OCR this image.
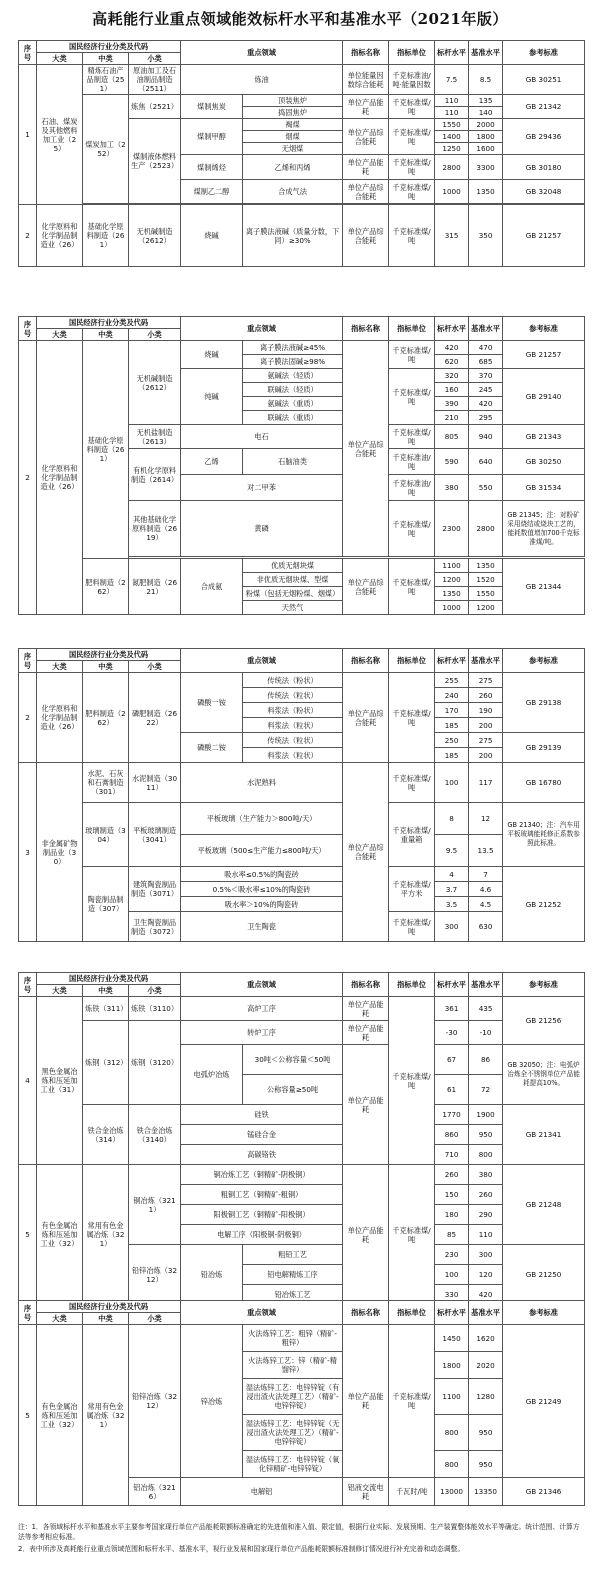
高耗能行业重点领域能效标杆水平和基准水平（2021年版）
序号	国民经济行业分类及代码			重点领域		指标名称	指标单位	标杆水平	基准水平	参考标准
	大类	中类	小类							
1	石油、煤炭及其他燃料加工业（25）	精炼石油产品制造（251）	原油加工及石油制品制造（2511）	炼油		单位能量因数综合能耗	千克标准油/吨·能量因数	7.5	8.5	GB 30251
		煤炭加工（252）	炼焦（2521）	煤制焦炭	顶装焦炉	单位产品能耗	千克标准煤/吨	110	135	GB 21342
					捣固焦炉			110	140	
			煤制液体燃料生产（2523）	煤制甲醇	褐煤	单位产品综合能耗	千克标准煤/吨	1550	2000	GB 29436
					烟煤			1400	1800	
					无烟煤			1250	1600	
				煤制烯烃	乙烯和丙烯	单位产品能耗	千克标准煤/吨	2800	3300	GB 30180

				煤制乙二醇	合成气法	单位产品综合能耗	千克标准煤/吨	1000	1350	GB 32048

2	化学原料和化学制品制造业（26）	基础化学原料制造（261）	无机碱制造（2612）	烧碱	离子膜法液碱（质量分数，下同）≥30%	单位产品综合能耗	千克标准煤/吨	315	350	GB 21257
序号	国民经济行业分类及代码			重点领域		指标名称	指标单位	标杆水平	基准水平	参考标准
	大类	中类	小类							
2	化学原料和化学制品制造业（26）	基础化学原料制造（261）	无机碱制造（2612）	烧碱	离子膜法液碱≥45%	单位产品综合能耗	千克标准煤/吨	420	470	GB 21257
					离子膜法固碱≥98%			620	685	
				纯碱	氨碱法（轻质）		千克标准煤/吨	320	370	GB 29140
					联碱法（轻质）			160	245	
					氨碱法（重质）			390	420	
					联碱法（重质）			210	295	
			无机盐制造（2613）	电石			千克标准煤/吨	805	940	GB 21343
			有机化学原料制造（2614）	乙烯	石脑油类		千克标准油/吨	590	640	GB 30250
				对二甲苯			千克标准油/吨	380	550	GB 31534
			其他基础化学原料制造（2619）	黄磷			千克标准煤/吨	2300	2800	GB 21345；注：对粉矿采用烧结或烧块工艺的，能耗数值增加700千克标准煤/吨。

		肥料制造（262）	氮肥制造（2621）	合成氨	优质无烟块煤	单位产品综合能耗	千克标准煤/吨	1100	1350	GB 21344
					非优质无烟块煤、型煤			1200	1520	
					粉煤（包括无烟粉煤、烟煤）			1350	1550	
					天然气			1000	1200	
序号	国民经济行业分类及代码			重点领域		指标名称	指标单位	标杆水平	基准水平	参考标准
	大类	中类	小类							
2	化学原料和化学制品制造业（26）	肥料制造（262）	磷肥制造（2622）	磷酸一铵	传统法（粉状）	单位产品综合能耗	千克标准煤/吨	255	275	GB 29138
					传统法（粒状）			240	260	
					料浆法（粉状）			170	190	
					料浆法（粒状）			185	200	
				磷酸二铵	传统法（粒状）			250	275	GB 29139
					料浆法（粒状）			185	200	
3	非金属矿物制品业（30）	水泥、石灰和石膏制造（301）	水泥制造（3011）	水泥熟料		单位产品综合能耗	千克标准煤/吨	100	117	GB 16780
		玻璃制造（304）	平板玻璃制造（3041）	平板玻璃（生产能力＞800吨/天）			千克标准煤/重量箱	8	12	GB 21340；注：汽车用平板玻璃能耗修正系数参照此标准。
				平板玻璃（500≤生产能力≤800吨/天）				9.5	13.5	
		陶瓷制品制造（307）	建筑陶瓷制品制造（3071）	吸水率≤0.5%的陶瓷砖			千克标准煤/平方米	4	7	GB 21252
				0.5%＜吸水率≤10%的陶瓷砖				3.7	4.6	
				吸水率＞10%的陶瓷砖				3.5	4.5	
			卫生陶瓷制品制造（3072）	卫生陶瓷			千克标准煤/吨	300	630	
序号	国民经济行业分类及代码			重点领域		指标名称	指标单位	标杆水平	基准水平	参考标准
	大类	中类	小类							
4	黑色金属冶炼和压延加工业（31）	炼铁（311）	炼铁（3110）	高炉工序		单位产品能耗	千克标准煤/吨	361	435	GB 21256
		炼钢（312）	炼钢（3120）	转炉工序		单位产品能耗		-30	-10	
				电弧炉冶炼	30吨＜公称容量＜50吨	单位产品能耗		67	86	GB 32050；注：电弧炉冶炼全不锈钢单位产品能耗提高10%。
					公称容量≥50吨			61	72	
		铁合金冶炼（314）	铁合金冶炼（3140）	硅铁				1770	1900	GB 21341
				锰硅合金				860	950	
				高碳铬铁				710	800	
5	有色金属冶炼和压延加工业（32）	常用有色金属冶炼（321）	铜冶炼（3211）	铜冶炼工艺（铜精矿-阴极铜）		单位产品能耗	千克标准煤/吨	260	380	GB 21248
				粗铜工艺（铜精矿-粗铜）				150	260	
				阳极铜工艺（铜精矿-阳极铜）				180	290	
				电解工序（阳极铜-阴极铜）				85	110	
			铅锌冶炼（3212）	铅冶炼	粗铅工艺			230	300	GB 21250
					铅电解精炼工序			100	120	
					铅冶炼工艺			330	420	
序号	国民经济行业分类及代码			重点领域		指标名称	指标单位	标杆水平	基准水平	参考标准
	大类	中类	小类							
5	有色金属冶炼和压延加工业（32）	常用有色金属冶炼（321）	铅锌冶炼（3212）	锌冶炼	火法炼锌工艺：粗锌（精矿-粗锌）	单位产品能耗	千克标准煤/吨	1450	1620	GB 21249
					火法炼锌工艺：锌（精矿-精馏锌）			1800	2020	
					湿法炼锌工艺：电锌锌锭（有浸出渣火法处理工艺）（精矿-电锌锌锭）			1100	1280	
					湿法炼锌工艺：电锌锌锭（无浸出渣火法处理工艺）（精矿-电锌锌锭）			800	950	
					湿法炼锌工艺：电锌锌锭（氧化锌精矿-电锌锌锭）			800	950	
			铝冶炼（3216）	电解铝		铝液交流电耗	千瓦时/吨	13000	13350	GB 21346
注：1．各领域标杆水平和基准水平主要参考国家现行单位产品能耗限额标准确定的先进值和准入值、限定值，根据行业实际、发展预期、生产装置整体能效水平等确定。统计范围、计算方法等参考相应标准。
2．表中所涉及高耗能行业重点领域范围和标杆水平、基准水平，视行业发展和国家现行单位产品能耗限额标准制修订情况进行补充完善和动态调整。
